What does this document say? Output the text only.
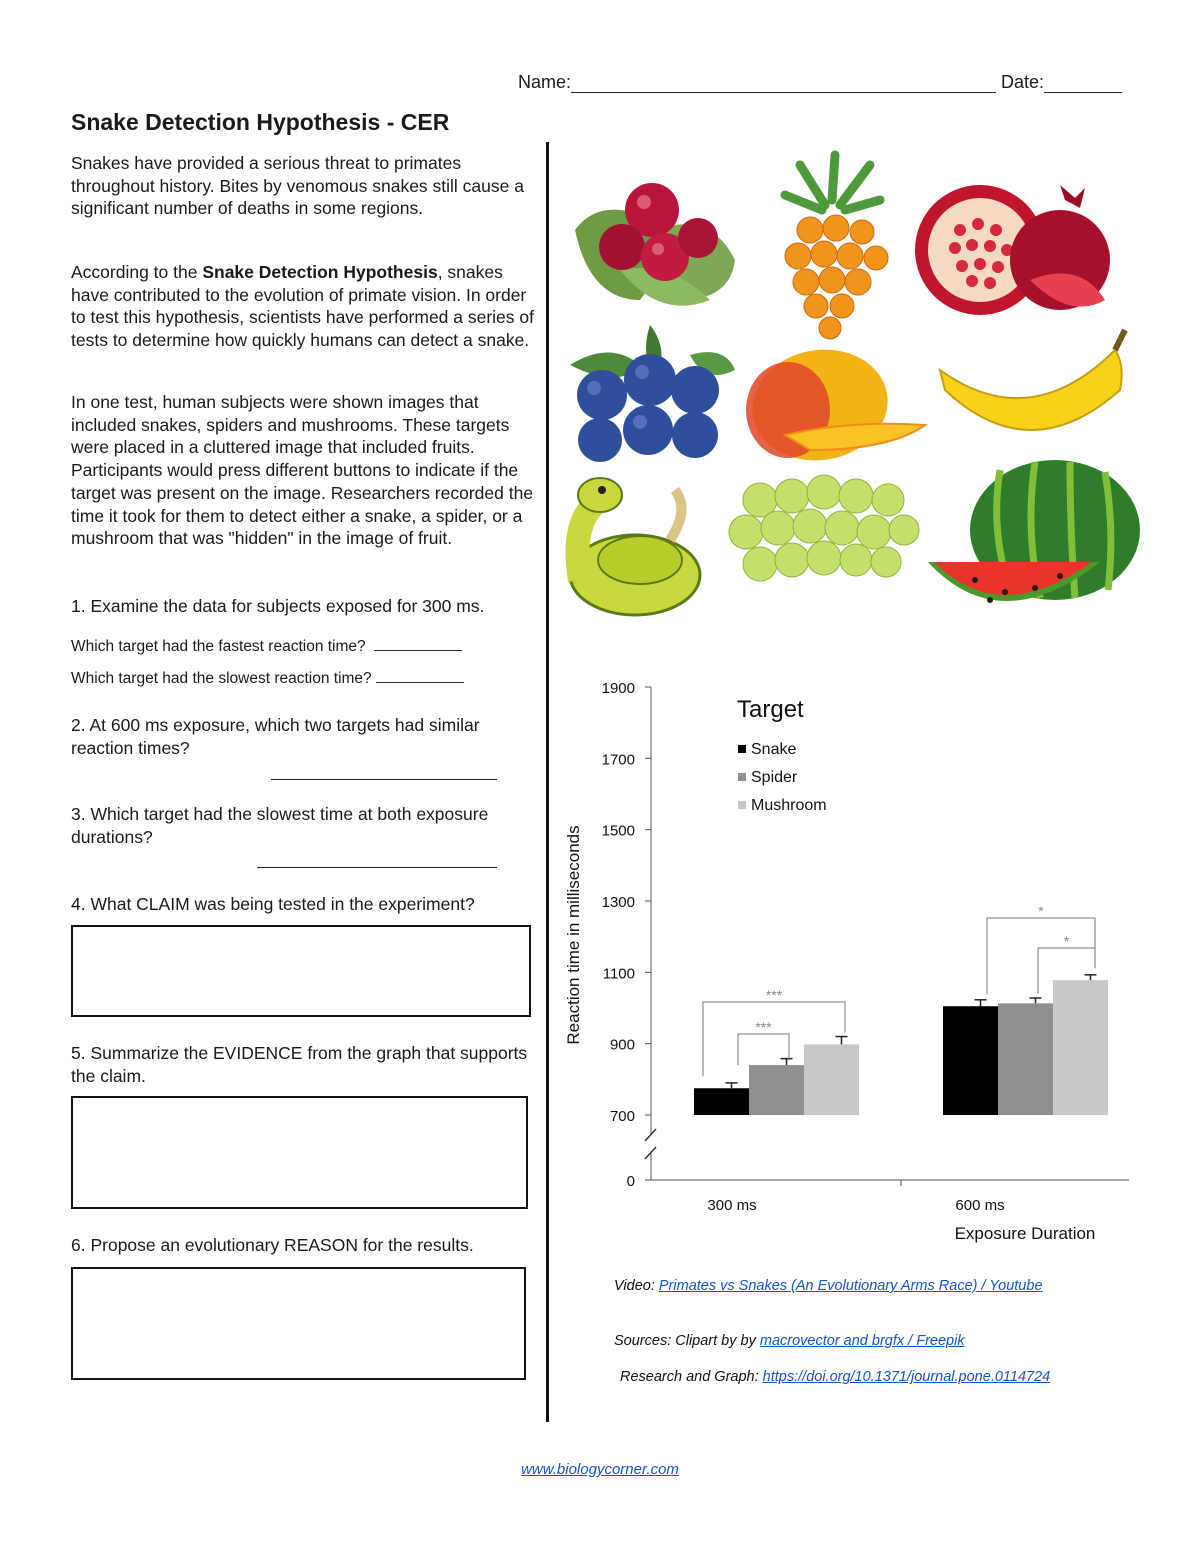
Name:	Date:
Snake Detection Hypothesis - CER

Snakes have provided a serious threat to primates throughout history. Bites by venomous snakes still cause a significant number of deaths in some regions.

According to the Snake Detection Hypothesis, snakes have contributed to the evolution of primate vision. In order to test this hypothesis, scientists have performed a series of tests to determine how quickly humans can detect a snake.

In one test, human subjects were shown images that included snakes, spiders and mushrooms. These targets were placed in a cluttered image that included fruits. Participants would press different buttons to indicate if the target was present on the image. Researchers recorded the time it took for them to detect either a snake, a spider, or a mushroom that was "hidden" in the image of fruit.

1. Examine the data for subjects exposed for 300 ms.
Which target had the fastest reaction time?
Which target had the slowest reaction time?
2. At 600 ms exposure, which two targets had similar reaction times?
3. Which target had the slowest time at both exposure durations?
4. What CLAIM was being tested in the experiment?
5. Summarize the EVIDENCE from the graph that supports the claim.
6. Propose an evolutionary REASON for the results.
1900
1700
1500
1300
1100
900
700
0
300 ms	600 ms
***
***
*
*
Target
Snake
Spider
Mushroom
Reaction time in milliseconds
Exposure Duration
Video: Primates vs Snakes (An Evolutionary Arms Race) / Youtube
Sources: Clipart by by macrovector and brgfx / Freepik
Research and Graph: https://doi.org/10.1371/journal.pone.0114724
www.biologycorner.com
